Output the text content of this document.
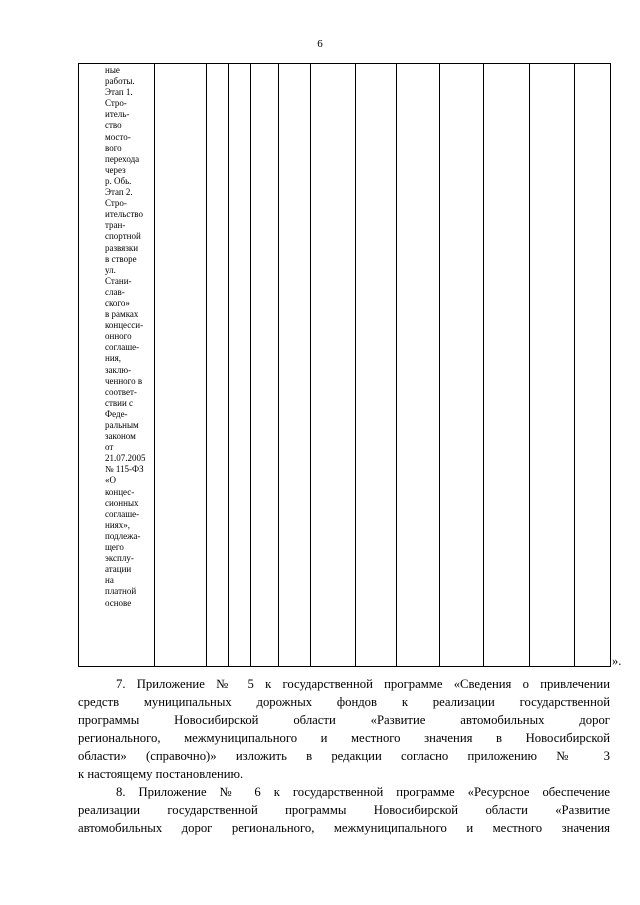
6
ные
работы.
Этап 1.
Стро-
итель-
ство
мосто-
вого
перехода
через
р. Обь.
Этап 2.
Стро-
ительство
тран-
спортной
развязки
в створе
ул.
Стани-
слав-
ского»
в рамках
концесси-
онного
соглаше-
ния,
заклю-
ченного в
соответ-
ствии с
Феде-
ральным
законом
от
21.07.2005
№ 115-ФЗ
«О
концес-
сионных
соглаше-
ниях»,
подлежа-
щего
эксплу-
атации
на
платной
основе

».
7. Приложение № 5 к государственной программе «Сведения о привлечении
средств муниципальных дорожных фондов к реализации государственной
программы Новосибирской области «Развитие автомобильных дорог
регионального, межмуниципального и местного значения в Новосибирской
области» (справочно)» изложить в редакции согласно приложению № 3
к настоящему постановлению.
8. Приложение № 6 к государственной программе «Ресурсное обеспечение
реализации государственной программы Новосибирской области «Развитие
автомобильных дорог регионального, межмуниципального и местного значения
